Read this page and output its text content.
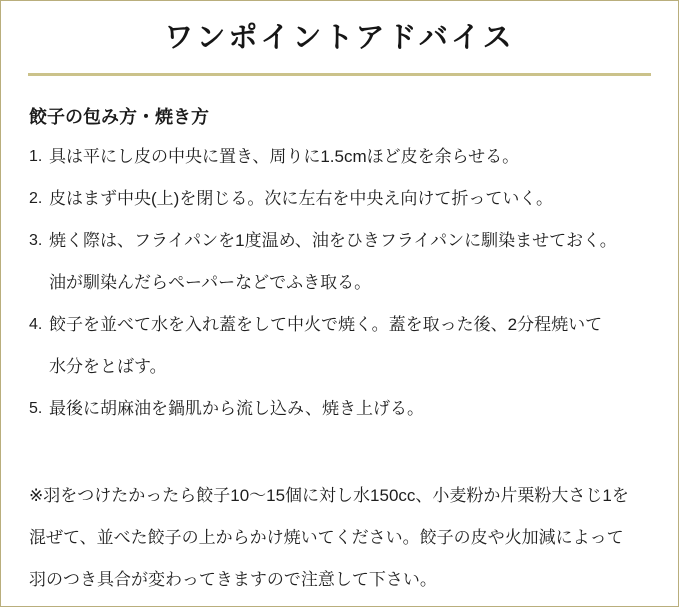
ワンポイントアドバイス
餃子の包み方・焼き方
1. 具は平にし皮の中央に置き、周りに1.5cmほど皮を余らせる。
2. 皮はまず中央(上)を閉じる。次に左右を中央え向けて折っていく。
3. 焼く際は、フライパンを1度温め、油をひきフライパンに馴染ませておく。
油が馴染んだらペーパーなどでふき取る。
4. 餃子を並べて水を入れ蓋をして中火で焼く。蓋を取った後、2分程焼いて
水分をとばす。
5. 最後に胡麻油を鍋肌から流し込み、焼き上げる。
※羽をつけたかったら餃子10〜15個に対し水150cc、小麦粉か片栗粉大さじ1を
混ぜて、並べた餃子の上からかけ焼いてください。餃子の皮や火加減によって
羽のつき具合が変わってきますので注意して下さい。
